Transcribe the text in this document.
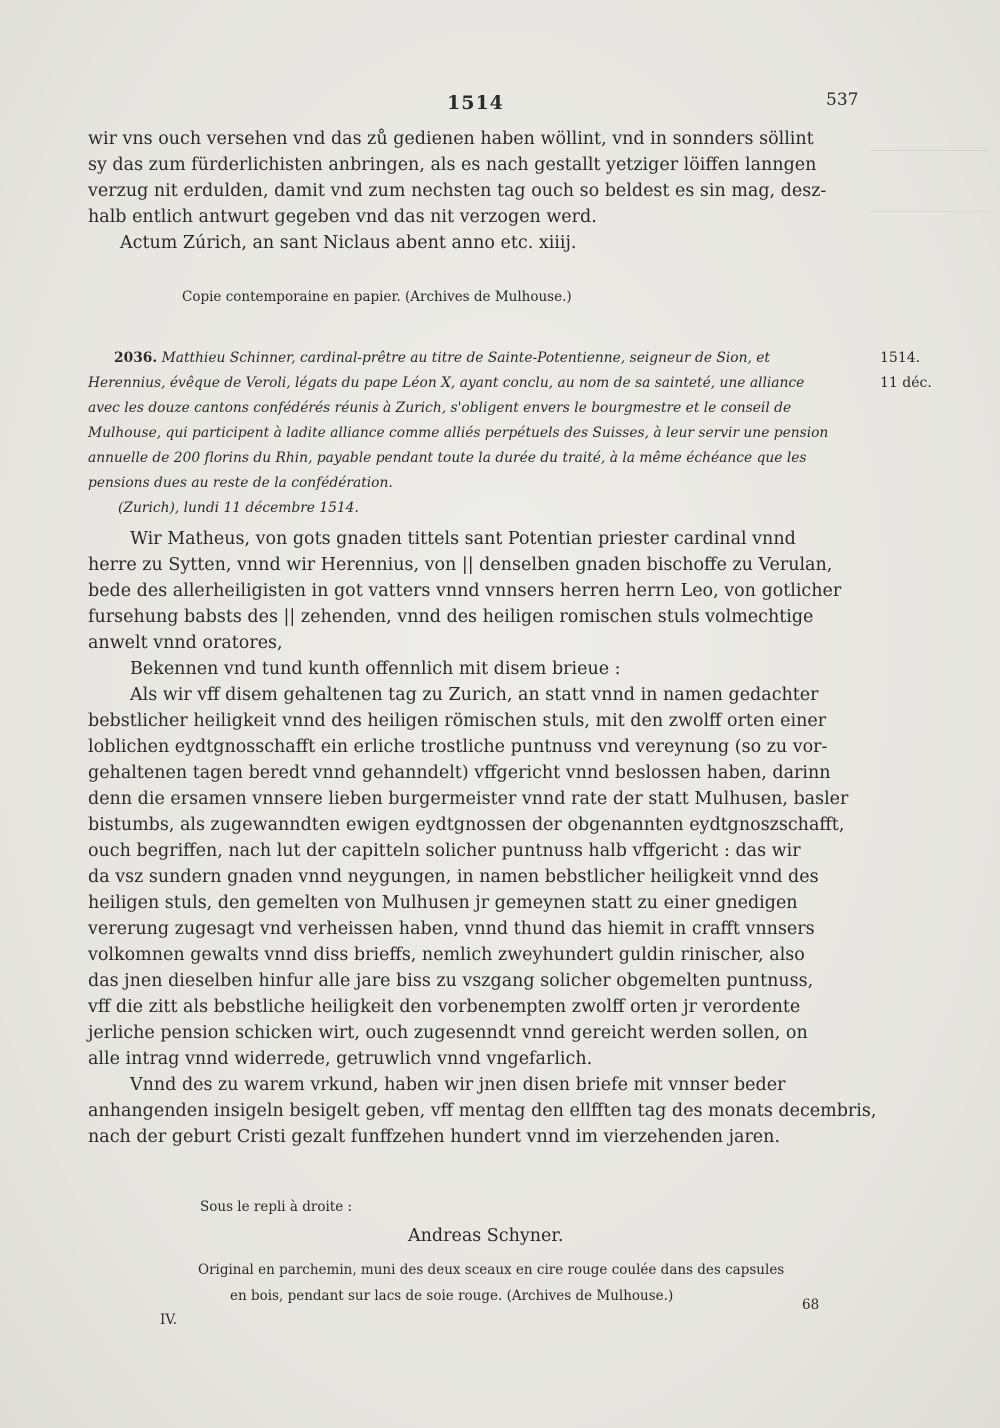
1514	537
wir vns ouch versehen vnd das zů gedienen haben wöllint, vnd in sonnders söllint
sy das zum fürderlichisten anbringen, als es nach gestallt yetziger löiffen lanngen
verzug nit erdulden, damit vnd zum nechsten tag ouch so beldest es sin mag, desz-
halb entlich antwurt gegeben vnd das nit verzogen werd.
Actum Zúrich, an sant Niclaus abent anno etc. xiiij.
Copie contemporaine en papier. (Archives de Mulhouse.)
2036. Matthieu Schinner, cardinal-prêtre au titre de Sainte-Potentienne, seigneur de Sion, et
Herennius, évêque de Veroli, légats du pape Léon X, ayant conclu, au nom de sa sainteté, une alliance
avec les douze cantons confédérés réunis à Zurich, s'obligent envers le bourgmestre et le conseil de
Mulhouse, qui participent à ladite alliance comme alliés perpétuels des Suisses, à leur servir une pension
annuelle de 200 florins du Rhin, payable pendant toute la durée du traité, à la même échéance que les
pensions dues au reste de la confédération.
(Zurich), lundi 11 décembre 1514.
1514.
11 déc.
Wir Matheus, von gots gnaden tittels sant Potentian priester cardinal vnnd
herre zu Sytten, vnnd wir Herennius, von || denselben gnaden bischoffe zu Verulan,
bede des allerheiligisten in got vatters vnnd vnnsers herren herrn Leo, von gotlicher
fursehung babsts des || zehenden, vnnd des heiligen romischen stuls volmechtige
anwelt vnnd oratores,
Bekennen vnd tund kunth offennlich mit disem brieue :
Als wir vff disem gehaltenen tag zu Zurich, an statt vnnd in namen gedachter
bebstlicher heiligkeit vnnd des heiligen römischen stuls, mit den zwolff orten einer
loblichen eydtgnosschafft ein erliche trostliche puntnuss vnd vereynung (so zu vor-
gehaltenen tagen beredt vnnd gehanndelt) vffgericht vnnd beslossen haben, darinn
denn die ersamen vnnsere lieben burgermeister vnnd rate der statt Mulhusen, basler
bistumbs, als zugewanndten ewigen eydtgnossen der obgenannten eydtgnoszschafft,
ouch begriffen, nach lut der capitteln solicher puntnuss halb vffgericht : das wir
da vsz sundern gnaden vnnd neygungen, in namen bebstlicher heiligkeit vnnd des
heiligen stuls, den gemelten von Mulhusen jr gemeynen statt zu einer gnedigen
vererung zugesagt vnd verheissen haben, vnnd thund das hiemit in crafft vnnsers
volkomnen gewalts vnnd diss brieffs, nemlich zweyhundert guldin rinischer, also
das jnen dieselben hinfur alle jare biss zu vszgang solicher obgemelten puntnuss,
vff die zitt als bebstliche heiligkeit den vorbenempten zwolff orten jr verordente
jerliche pension schicken wirt, ouch zugesenndt vnnd gereicht werden sollen, on
alle intrag vnnd widerrede, getruwlich vnnd vngefarlich.
Vnnd des zu warem vrkund, haben wir jnen disen briefe mit vnnser beder
anhangenden insigeln besigelt geben, vff mentag den ellfften tag des monats decembris,
nach der geburt Cristi gezalt funffzehen hundert vnnd im vierzehenden jaren.
Sous le repli à droite :
Andreas Schyner.
Original en parchemin, muni des deux sceaux en cire rouge coulée dans des capsules
en bois, pendant sur lacs de soie rouge. (Archives de Mulhouse.)
IV.
68
